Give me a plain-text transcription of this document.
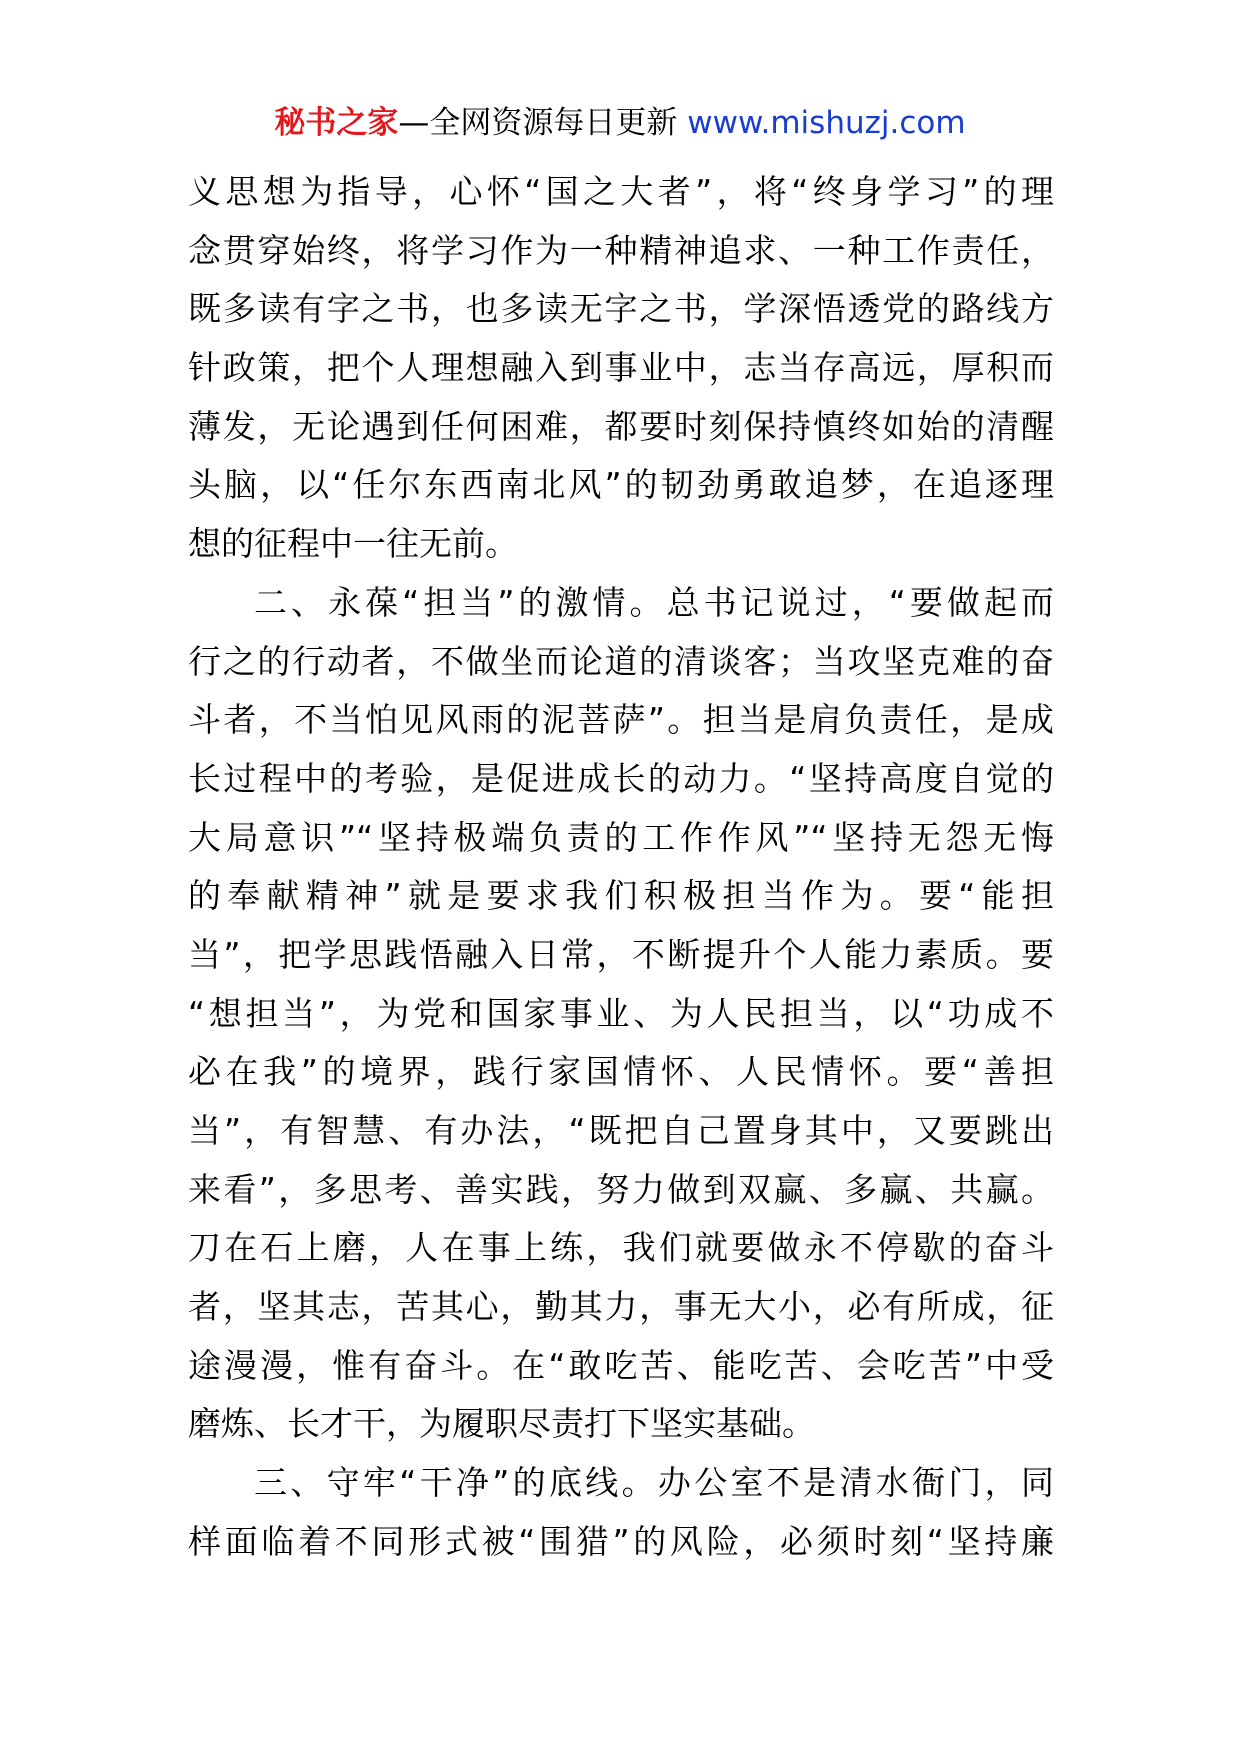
秘书之家—全网资源每日更新 www.mishuzj.com
义思想为指导，心怀“国之大者”，将“终身学习”的理
念贯穿始终，将学习作为一种精神追求、一种工作责任，
既多读有字之书，也多读无字之书，学深悟透党的路线方
针政策，把个人理想融入到事业中，志当存高远，厚积而
薄发，无论遇到任何困难，都要时刻保持慎终如始的清醒
头脑，以“任尔东西南北风”的韧劲勇敢追梦，在追逐理
想的征程中一往无前。
二、永葆“担当”的激情。总书记说过，“要做起而
行之的行动者，不做坐而论道的清谈客；当攻坚克难的奋
斗者，不当怕见风雨的泥菩萨”。担当是肩负责任，是成
长过程中的考验，是促进成长的动力。“坚持高度自觉的
大局意识”“坚持极端负责的工作作风”“坚持无怨无悔
的奉献精神”就是要求我们积极担当作为。要“能担
当”，把学思践悟融入日常，不断提升个人能力素质。要
“想担当”，为党和国家事业、为人民担当，以“功成不
必在我”的境界，践行家国情怀、人民情怀。要“善担
当”，有智慧、有办法，“既把自己置身其中，又要跳出
来看”，多思考、善实践，努力做到双赢、多赢、共赢。
刀在石上磨，人在事上练，我们就要做永不停歇的奋斗
者，坚其志，苦其心，勤其力，事无大小，必有所成，征
途漫漫，惟有奋斗。在“敢吃苦、能吃苦、会吃苦”中受
磨炼、长才干，为履职尽责打下坚实基础。
三、守牢“干净”的底线。办公室不是清水衙门，同
样面临着不同形式被“围猎”的风险，必须时刻“坚持廉
